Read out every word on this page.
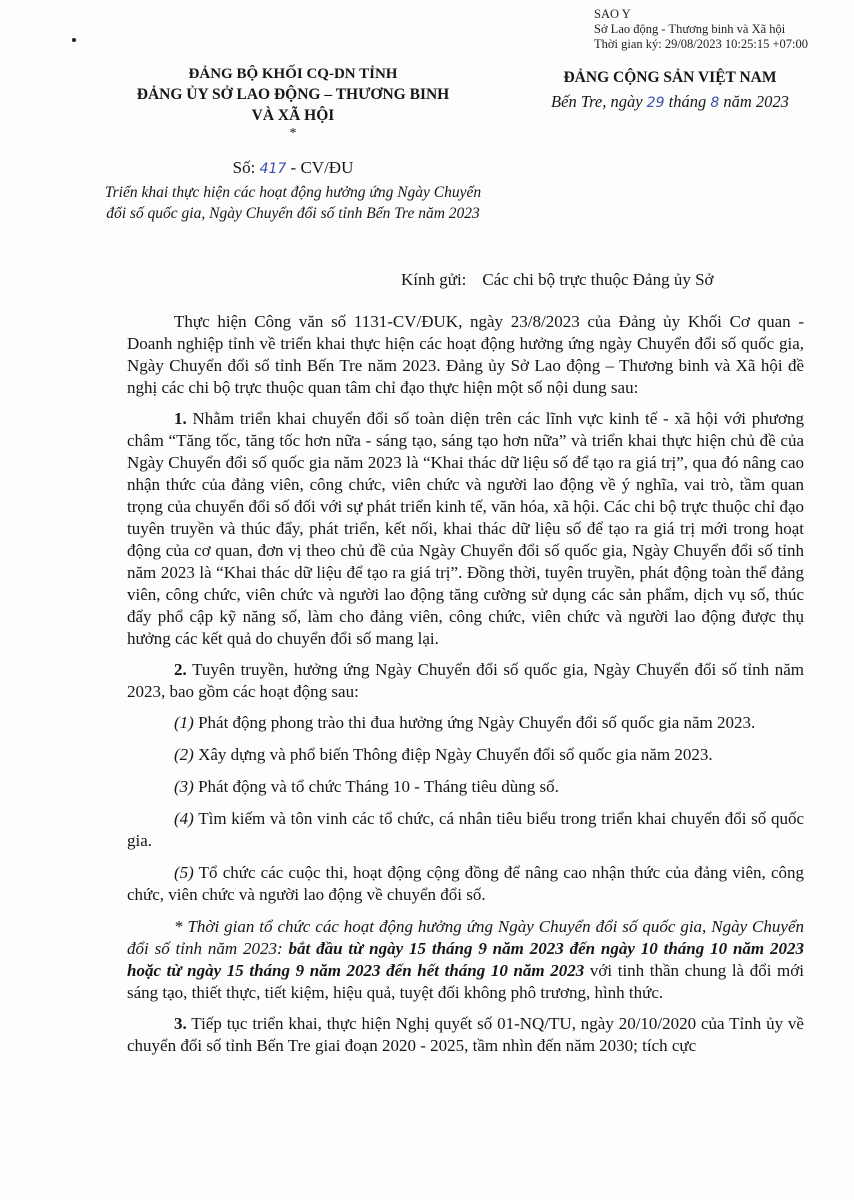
SAO Y
Sở Lao động - Thương binh và Xã hội
Thời gian ký: 29/08/2023 10:25:15 +07:00
ĐẢNG BỘ KHỐI CQ-DN TỈNH
ĐẢNG ỦY SỞ LAO ĐỘNG – THƯƠNG BINH
VÀ XÃ HỘI
*
ĐẢNG CỘNG SẢN VIỆT NAM
Bến Tre, ngày 29 tháng 8 năm 2023
Số: 417 - CV/ĐU
Triển khai thực hiện các hoạt động hưởng ứng Ngày Chuyển đổi số quốc gia, Ngày Chuyển đổi số tỉnh Bến Tre năm 2023
Kính gửi: Các chi bộ trực thuộc Đảng ủy Sở

Thực hiện Công văn số 1131-CV/ĐUK, ngày 23/8/2023 của Đảng ủy Khối Cơ quan - Doanh nghiệp tỉnh về triển khai thực hiện các hoạt động hưởng ứng ngày Chuyển đổi số quốc gia, Ngày Chuyển đổi số tỉnh Bến Tre năm 2023. Đảng ủy Sở Lao động – Thương binh và Xã hội đề nghị các chi bộ trực thuộc quan tâm chỉ đạo thực hiện một số nội dung sau:

1. Nhằm triển khai chuyển đổi số toàn diện trên các lĩnh vực kinh tế - xã hội với phương châm “Tăng tốc, tăng tốc hơn nữa - sáng tạo, sáng tạo hơn nữa” và triển khai thực hiện chủ đề của Ngày Chuyển đổi số quốc gia năm 2023 là “Khai thác dữ liệu số để tạo ra giá trị”, qua đó nâng cao nhận thức của đảng viên, công chức, viên chức và người lao động về ý nghĩa, vai trò, tầm quan trọng của chuyển đổi số đối với sự phát triển kinh tế, văn hóa, xã hội. Các chi bộ trực thuộc chỉ đạo tuyên truyền và thúc đẩy, phát triển, kết nối, khai thác dữ liệu số để tạo ra giá trị mới trong hoạt động của cơ quan, đơn vị theo chủ đề của Ngày Chuyển đổi số quốc gia, Ngày Chuyển đổi số tỉnh năm 2023 là “Khai thác dữ liệu để tạo ra giá trị”. Đồng thời, tuyên truyền, phát động toàn thể đảng viên, công chức, viên chức và người lao động tăng cường sử dụng các sản phẩm, dịch vụ số, thúc đẩy phổ cập kỹ năng số, làm cho đảng viên, công chức, viên chức và người lao động được thụ hưởng các kết quả do chuyển đổi số mang lại.

2. Tuyên truyền, hưởng ứng Ngày Chuyển đổi số quốc gia, Ngày Chuyển đổi số tỉnh năm 2023, bao gồm các hoạt động sau:

(1) Phát động phong trào thi đua hưởng ứng Ngày Chuyển đổi số quốc gia năm 2023.

(2) Xây dựng và phổ biến Thông điệp Ngày Chuyển đổi số quốc gia năm 2023.

(3) Phát động và tổ chức Tháng 10 - Tháng tiêu dùng số.

(4) Tìm kiếm và tôn vinh các tổ chức, cá nhân tiêu biểu trong triển khai chuyển đổi số quốc gia.

(5) Tổ chức các cuộc thi, hoạt động cộng đồng để nâng cao nhận thức của đảng viên, công chức, viên chức và người lao động về chuyển đổi số.

* Thời gian tổ chức các hoạt động hưởng ứng Ngày Chuyển đổi số quốc gia, Ngày Chuyển đổi số tỉnh năm 2023: bắt đầu từ ngày 15 tháng 9 năm 2023 đến ngày 10 tháng 10 năm 2023 hoặc từ ngày 15 tháng 9 năm 2023 đến hết tháng 10 năm 2023 với tinh thần chung là đổi mới sáng tạo, thiết thực, tiết kiệm, hiệu quả, tuyệt đối không phô trương, hình thức.

3. Tiếp tục triển khai, thực hiện Nghị quyết số 01-NQ/TU, ngày 20/10/2020 của Tỉnh ủy về chuyển đổi số tỉnh Bến Tre giai đoạn 2020 - 2025, tầm nhìn đến năm 2030; tích cực
